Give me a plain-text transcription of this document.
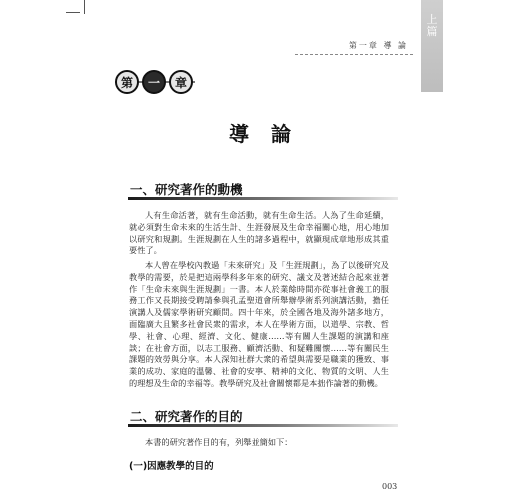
上篇
第一章 導 論
第	一	章
導論
一、研究著作的動機

人有生命活著，就有生命活動，就有生命生活。人為了生命延續，就必須對生命未來的生活生計、生涯發展及生命幸福關心地，用心地加以研究和規劃。生涯規劃在人生的諸多過程中，就顯現成章地形成其重要性了。

本人曾在學校內教過「未來研究」及「生涯規劃」，為了以後研究及教學的需要，於是把這兩學科多年來的研究、議文及著述結合起來並著作「生命未來與生涯規劃」一書。本人於業餘時間亦從事社會義工的服務工作又長期接受聘請參與孔孟聖道會所舉辦學術系列演講活動，擔任演講人及儒家學術研究顧問。四十年來，於全國各地及海外諸多地方，面臨廣大且繁多社會民衆的需求，本人在學術方面，以道學、宗教、哲學、社會、心理、經濟、文化、健康……等有關人生課題的演講和座談；在社會方面，以志工服務、顧濟活動、和疑難關懷……等有關民生課題的效勞與分享。本人深知社群大衆的希望與需要是職業的獲致、事業的成功、家庭的溫馨、社會的安寧、精神的文化、物質的文明、人生的理想及生命的幸福等。教學研究及社會關懷都是本拙作論著的動機。

二、研究著作的目的

本書的研究著作目的有，列舉並簡如下：

(一)因應教學的目的
003
